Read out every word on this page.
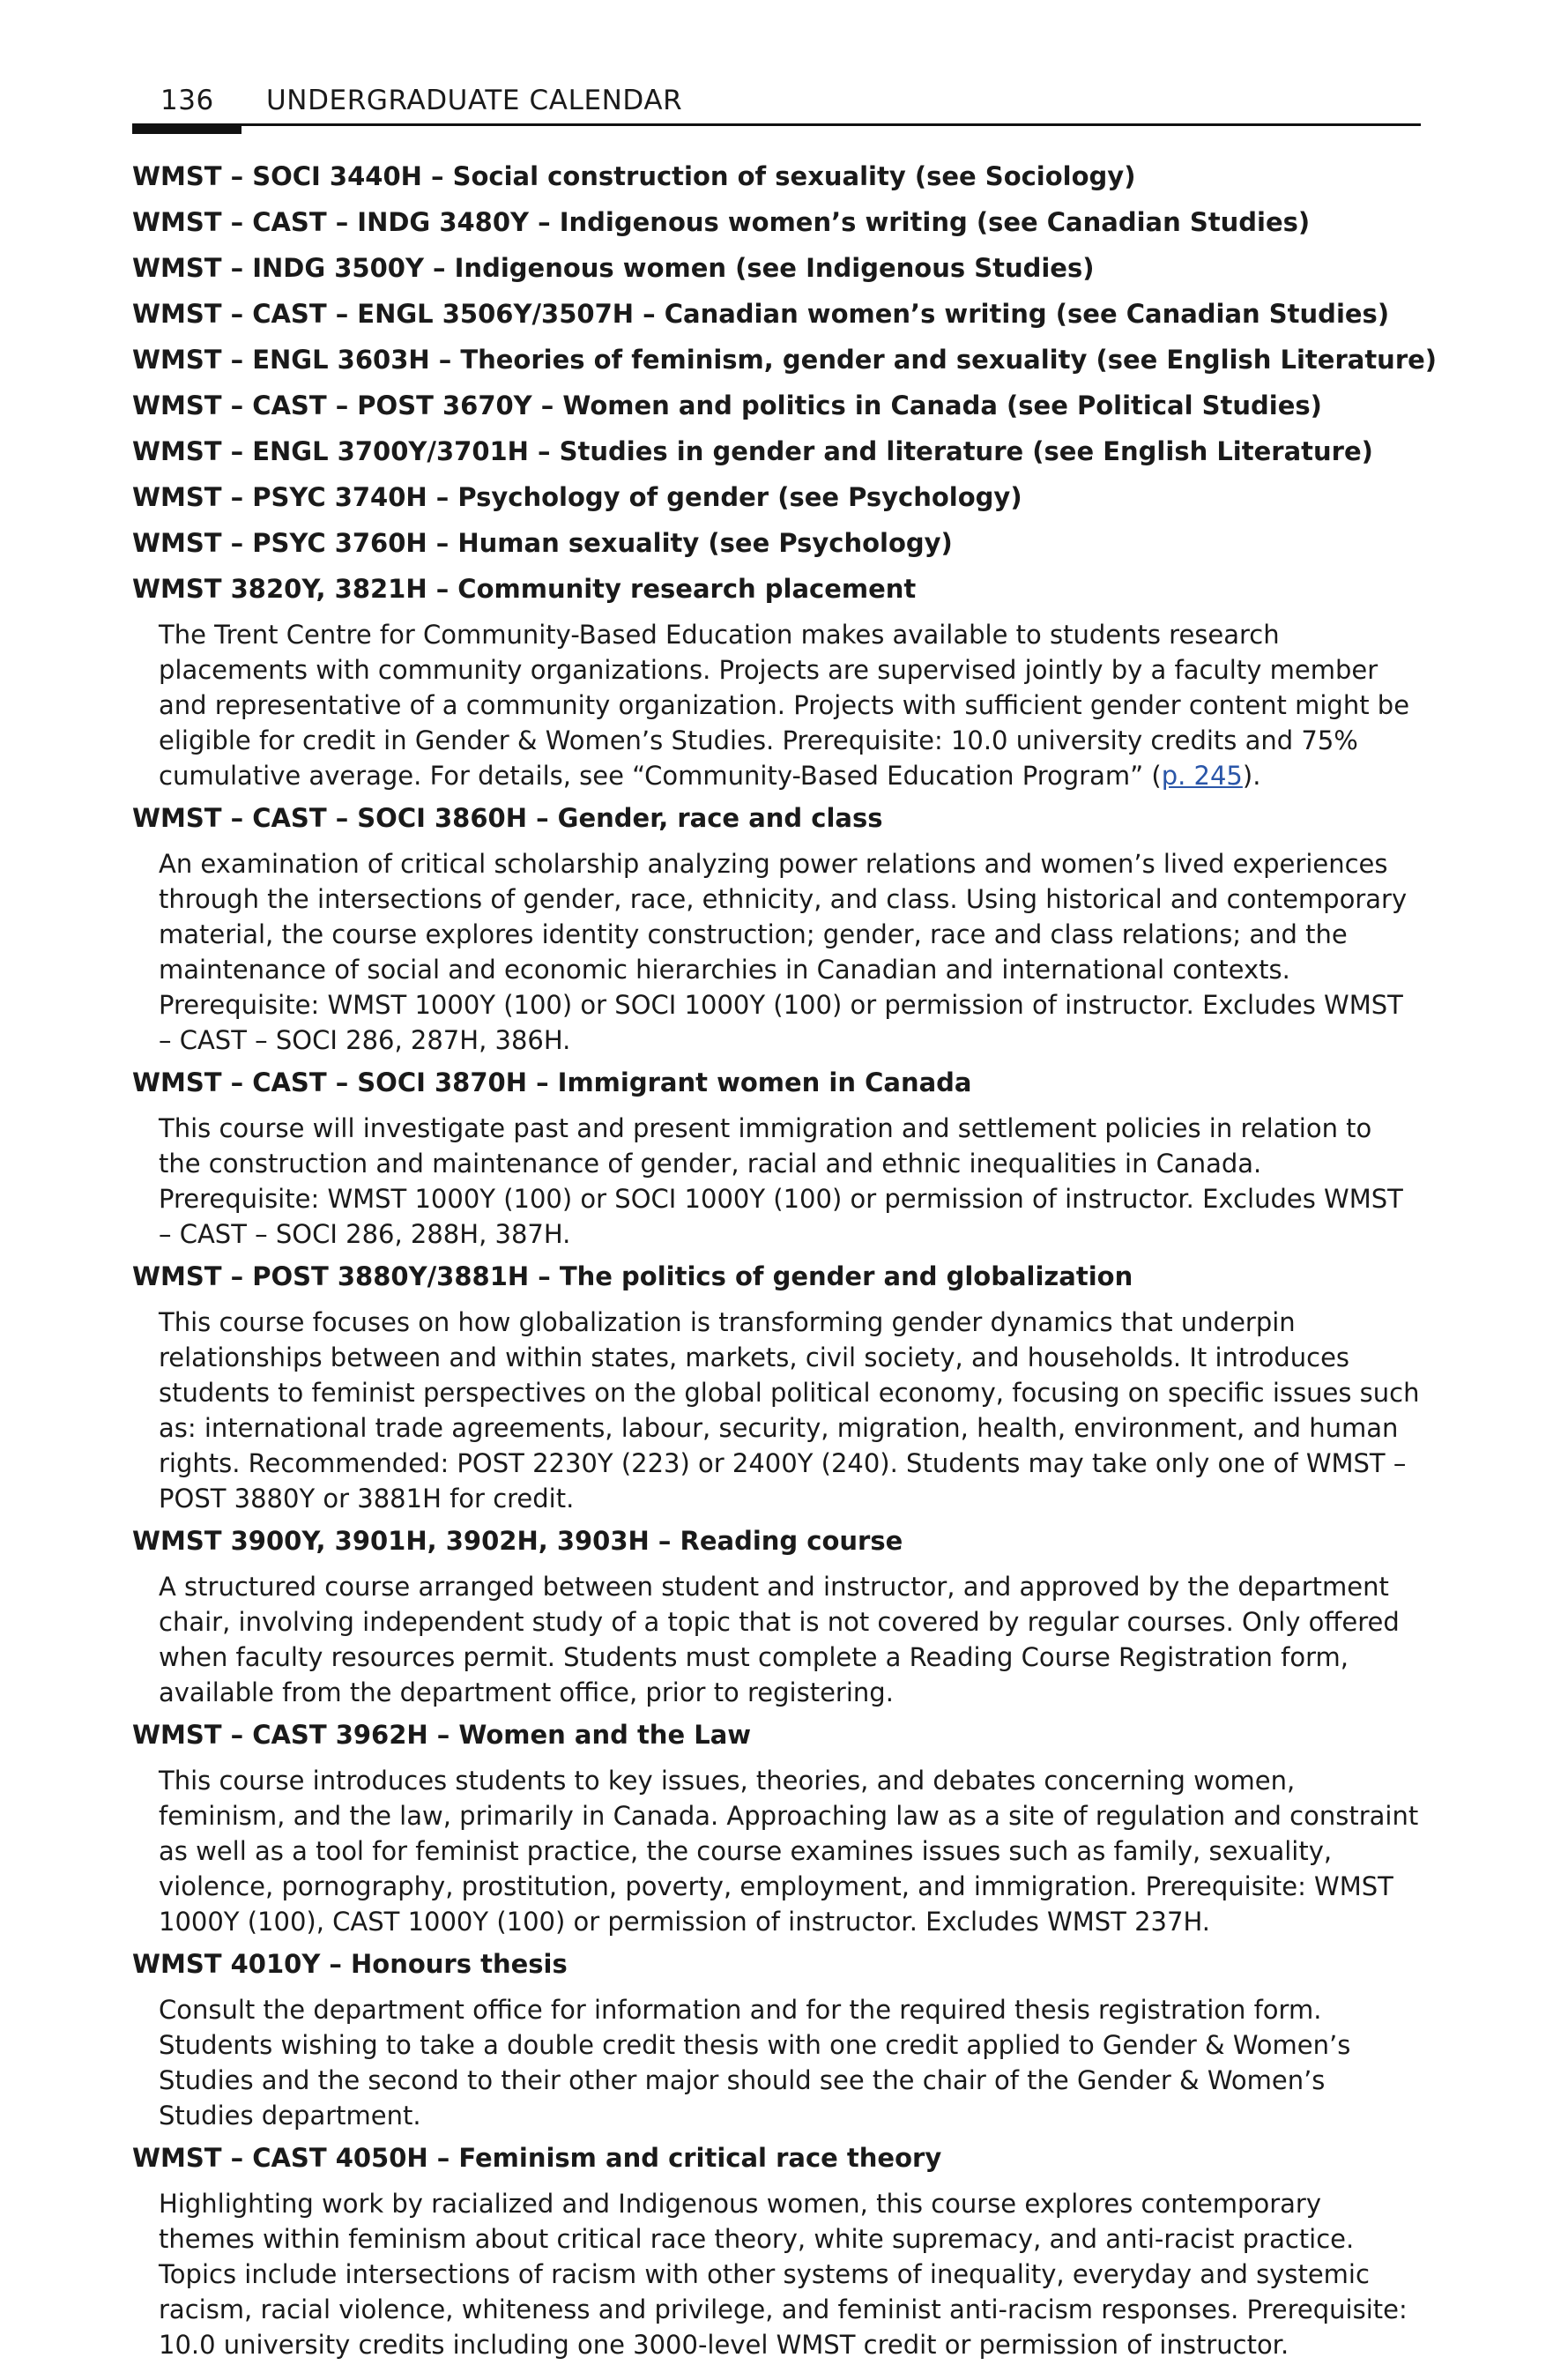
136 UNDERGRADUATE CALENDAR
WMST – SOCI 3440H – Social construction of sexuality (see Sociology)
WMST – CAST – INDG 3480Y – Indigenous women’s writing (see Canadian Studies)
WMST – INDG 3500Y – Indigenous women (see Indigenous Studies)
WMST – CAST – ENGL 3506Y/3507H – Canadian women’s writing (see Canadian Studies)
WMST – ENGL 3603H – Theories of feminism, gender and sexuality (see English Literature)
WMST – CAST – POST 3670Y – Women and politics in Canada (see Political Studies)
WMST – ENGL 3700Y/3701H – Studies in gender and literature (see English Literature)
WMST – PSYC 3740H – Psychology of gender (see Psychology)
WMST – PSYC 3760H – Human sexuality (see Psychology)
WMST 3820Y, 3821H – Community research placement
The Trent Centre for Community-Based Education makes available to students research placements with community organizations. Projects are supervised jointly by a faculty member and representative of a community organization. Projects with sufficient gender content might be eligible for credit in Gender & Women’s Studies. Prerequisite: 10.0 university credits and 75% cumulative average. For details, see “Community-Based Education Program” (p. 245).
WMST – CAST – SOCI 3860H – Gender, race and class
An examination of critical scholarship analyzing power relations and women’s lived experiences through the intersections of gender, race, ethnicity, and class. Using historical and contemporary material, the course explores identity construction; gender, race and class relations; and the maintenance of social and economic hierarchies in Canadian and international contexts. Prerequisite: WMST 1000Y (100) or SOCI 1000Y (100) or permission of instructor. Excludes WMST – CAST – SOCI 286, 287H, 386H.
WMST – CAST – SOCI 3870H – Immigrant women in Canada
This course will investigate past and present immigration and settlement policies in relation to the construction and maintenance of gender, racial and ethnic inequalities in Canada. Prerequisite: WMST 1000Y (100) or SOCI 1000Y (100) or permission of instructor. Excludes WMST – CAST – SOCI 286, 288H, 387H.
WMST – POST 3880Y/3881H – The politics of gender and globalization
This course focuses on how globalization is transforming gender dynamics that underpin relationships between and within states, markets, civil society, and households. It introduces students to feminist perspectives on the global political economy, focusing on specific issues such as: international trade agreements, labour, security, migration, health, environment, and human rights. Recommended: POST 2230Y (223) or 2400Y (240). Students may take only one of WMST – POST 3880Y or 3881H for credit.
WMST 3900Y, 3901H, 3902H, 3903H – Reading course
A structured course arranged between student and instructor, and approved by the department chair, involving independent study of a topic that is not covered by regular courses. Only offered when faculty resources permit. Students must complete a Reading Course Registration form, available from the department office, prior to registering.
WMST – CAST 3962H – Women and the Law
This course introduces students to key issues, theories, and debates concerning women, feminism, and the law, primarily in Canada. Approaching law as a site of regulation and constraint as well as a tool for feminist practice, the course examines issues such as family, sexuality, violence, pornography, prostitution, poverty, employment, and immigration. Prerequisite: WMST 1000Y (100), CAST 1000Y (100) or permission of instructor. Excludes WMST 237H.
WMST 4010Y – Honours thesis
Consult the department office for information and for the required thesis registration form. Students wishing to take a double credit thesis with one credit applied to Gender & Women’s Studies and the second to their other major should see the chair of the Gender & Women’s Studies department.
WMST – CAST 4050H – Feminism and critical race theory
Highlighting work by racialized and Indigenous women, this course explores contemporary themes within feminism about critical race theory, white supremacy, and anti-racist practice. Topics include intersections of racism with other systems of inequality, everyday and systemic racism, racial violence, whiteness and privilege, and feminist anti-racism responses. Prerequisite: 10.0 university credits including one 3000-level WMST credit or permission of instructor.
